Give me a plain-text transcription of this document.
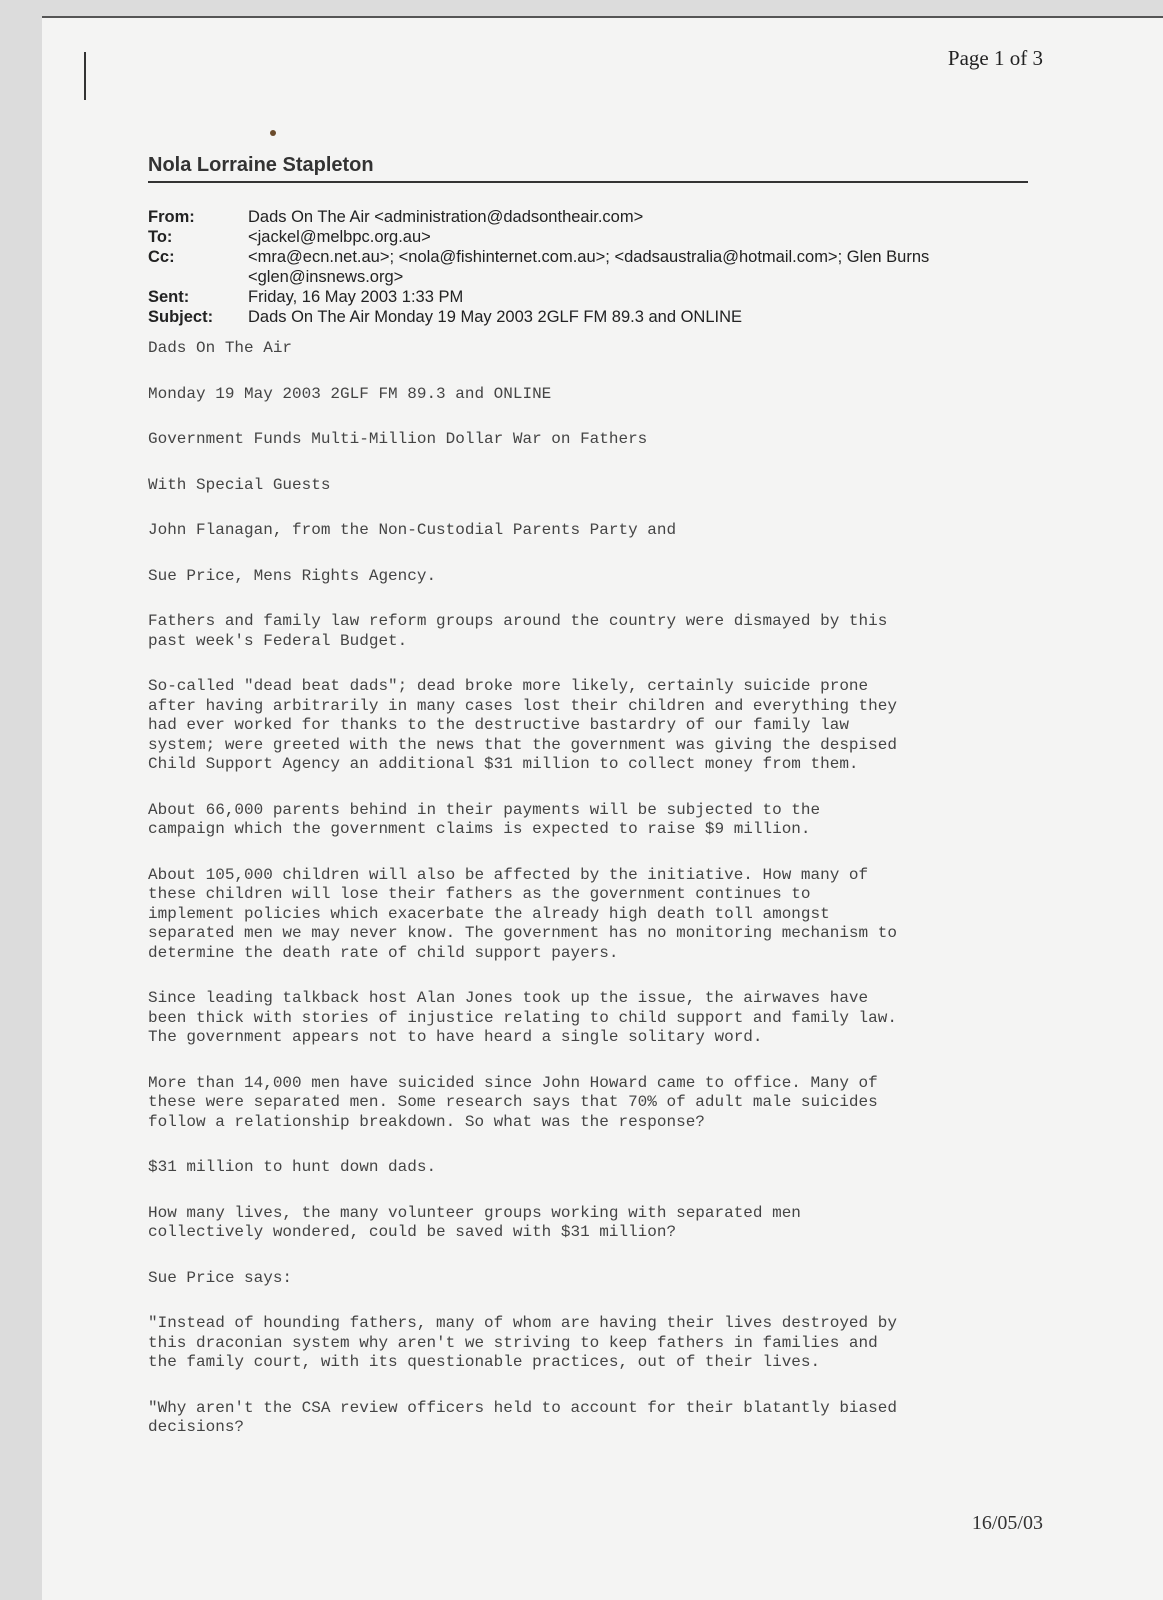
Page 1 of 3
Nola Lorraine Stapleton
From:	Dads On The Air <administration@dadsontheair.com>
To:	<jackel@melbpc.org.au>
Cc:	<mra@ecn.net.au>; <nola@fishinternet.com.au>; <dadsaustralia@hotmail.com>; Glen Burns <glen@insnews.org>
Sent:	Friday, 16 May 2003 1:33 PM
Subject:	Dads On The Air Monday 19 May 2003 2GLF FM 89.3 and ONLINE

Dads On The Air

Monday 19 May 2003 2GLF FM 89.3 and ONLINE

Government Funds Multi-Million Dollar War on Fathers

With Special Guests

John Flanagan, from the Non-Custodial Parents Party and

Sue Price, Mens Rights Agency.

Fathers and family law reform groups around the country were dismayed by this
past week's Federal Budget.

So-called "dead beat dads"; dead broke more likely, certainly suicide prone
after having arbitrarily in many cases lost their children and everything they
had ever worked for thanks to the destructive bastardry of our family law
system; were greeted with the news that the government was giving the despised
Child Support Agency an additional $31 million to collect money from them.

About 66,000 parents behind in their payments will be subjected to the
campaign which the government claims is expected to raise $9 million.

About 105,000 children will also be affected by the initiative. How many of
these children will lose their fathers as the government continues to
implement policies which exacerbate the already high death toll amongst
separated men we may never know. The government has no monitoring mechanism to
determine the death rate of child support payers.

Since leading talkback host Alan Jones took up the issue, the airwaves have
been thick with stories of injustice relating to child support and family law.
The government appears not to have heard a single solitary word.

More than 14,000 men have suicided since John Howard came to office. Many of
these were separated men. Some research says that 70% of adult male suicides
follow a relationship breakdown. So what was the response?

$31 million to hunt down dads.

How many lives, the many volunteer groups working with separated men
collectively wondered, could be saved with $31 million?

Sue Price says:

"Instead of hounding fathers, many of whom are having their lives destroyed by
this draconian system why aren't we striving to keep fathers in families and
the family court, with its questionable practices, out of their lives.

"Why aren't the CSA review officers held to account for their blatantly biased
decisions?

16/05/03
